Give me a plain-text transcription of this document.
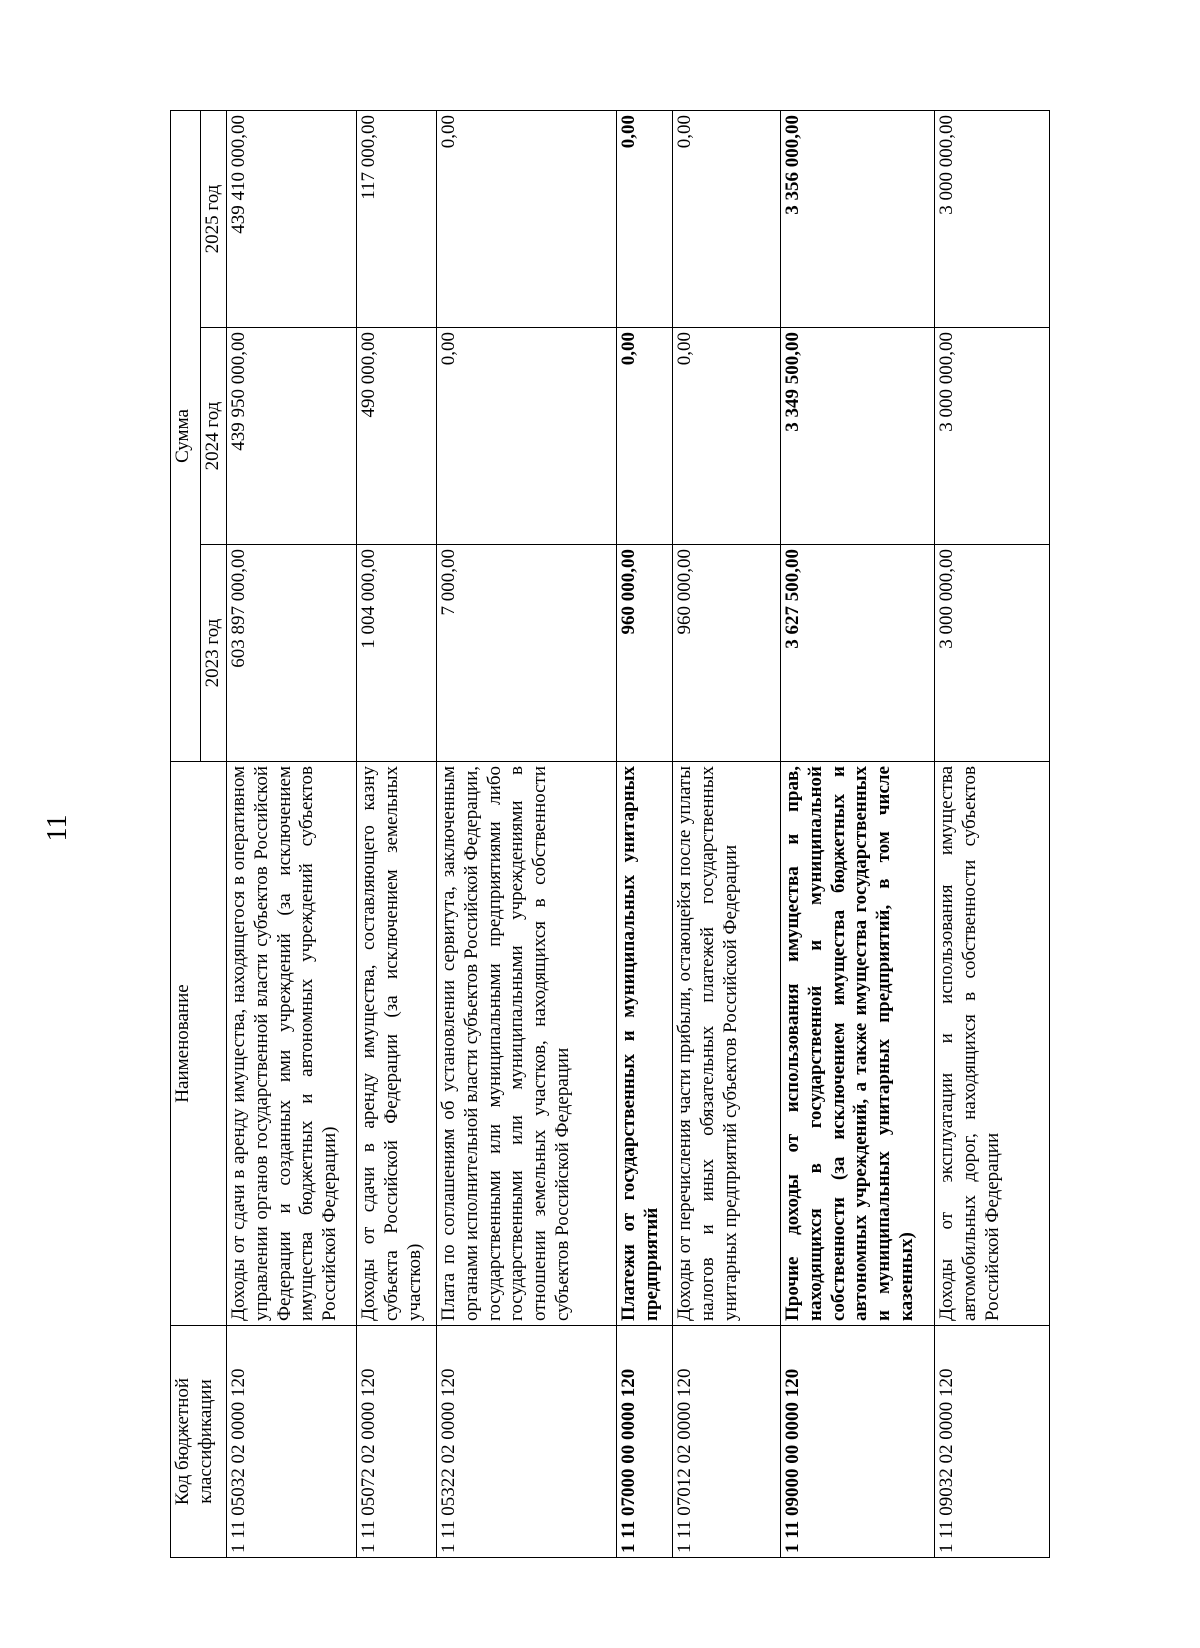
11
Код бюджетной классификации	Наименование	Сумма		
		2023 год	2024 год	2025 год
1 11 05032 02 0000 120	Доходы от сдачи в аренду имущества, находящегося в оперативном управлении органов государственной власти субъектов Российской Федерации и созданных ими учреждений (за исключением имущества бюджетных и автономных учреждений субъектов Российской Федерации)	603 897 000,00	439 950 000,00	439 410 000,00
1 11 05072 02 0000 120	Доходы от сдачи в аренду имущества, составляющего казну субъекта Российской Федерации (за исключением земельных участков)	1 004 000,00	490 000,00	117 000,00
1 11 05322 02 0000 120	Плата по соглашениям об установлении сервитута, заключенным органами исполнительной власти субъектов Российской Федерации, государственными или муниципальными предприятиями либо государственными или муниципальными учреждениями в отношении земельных участков, находящихся в собственности субъектов Российской Федерации	7 000,00	0,00	0,00
1 11 07000 00 0000 120	Платежи от государственных и муниципальных унитарных предприятий	960 000,00	0,00	0,00
1 11 07012 02 0000 120	Доходы от перечисления части прибыли, остающейся после уплаты налогов и иных обязательных платежей государственных унитарных предприятий субъектов Российской Федерации	960 000,00	0,00	0,00
1 11 09000 00 0000 120	Прочие доходы от использования имущества и прав, находящихся в государственной и муниципальной собственности (за исключением имущества бюджетных и автономных учреждений, а также имущества государственных и муниципальных унитарных предприятий, в том числе казенных)	3 627 500,00	3 349 500,00	3 356 000,00
1 11 09032 02 0000 120	Доходы от эксплуатации и использования имущества автомобильных дорог, находящихся в собственности субъектов Российской Федерации	3 000 000,00	3 000 000,00	3 000 000,00
